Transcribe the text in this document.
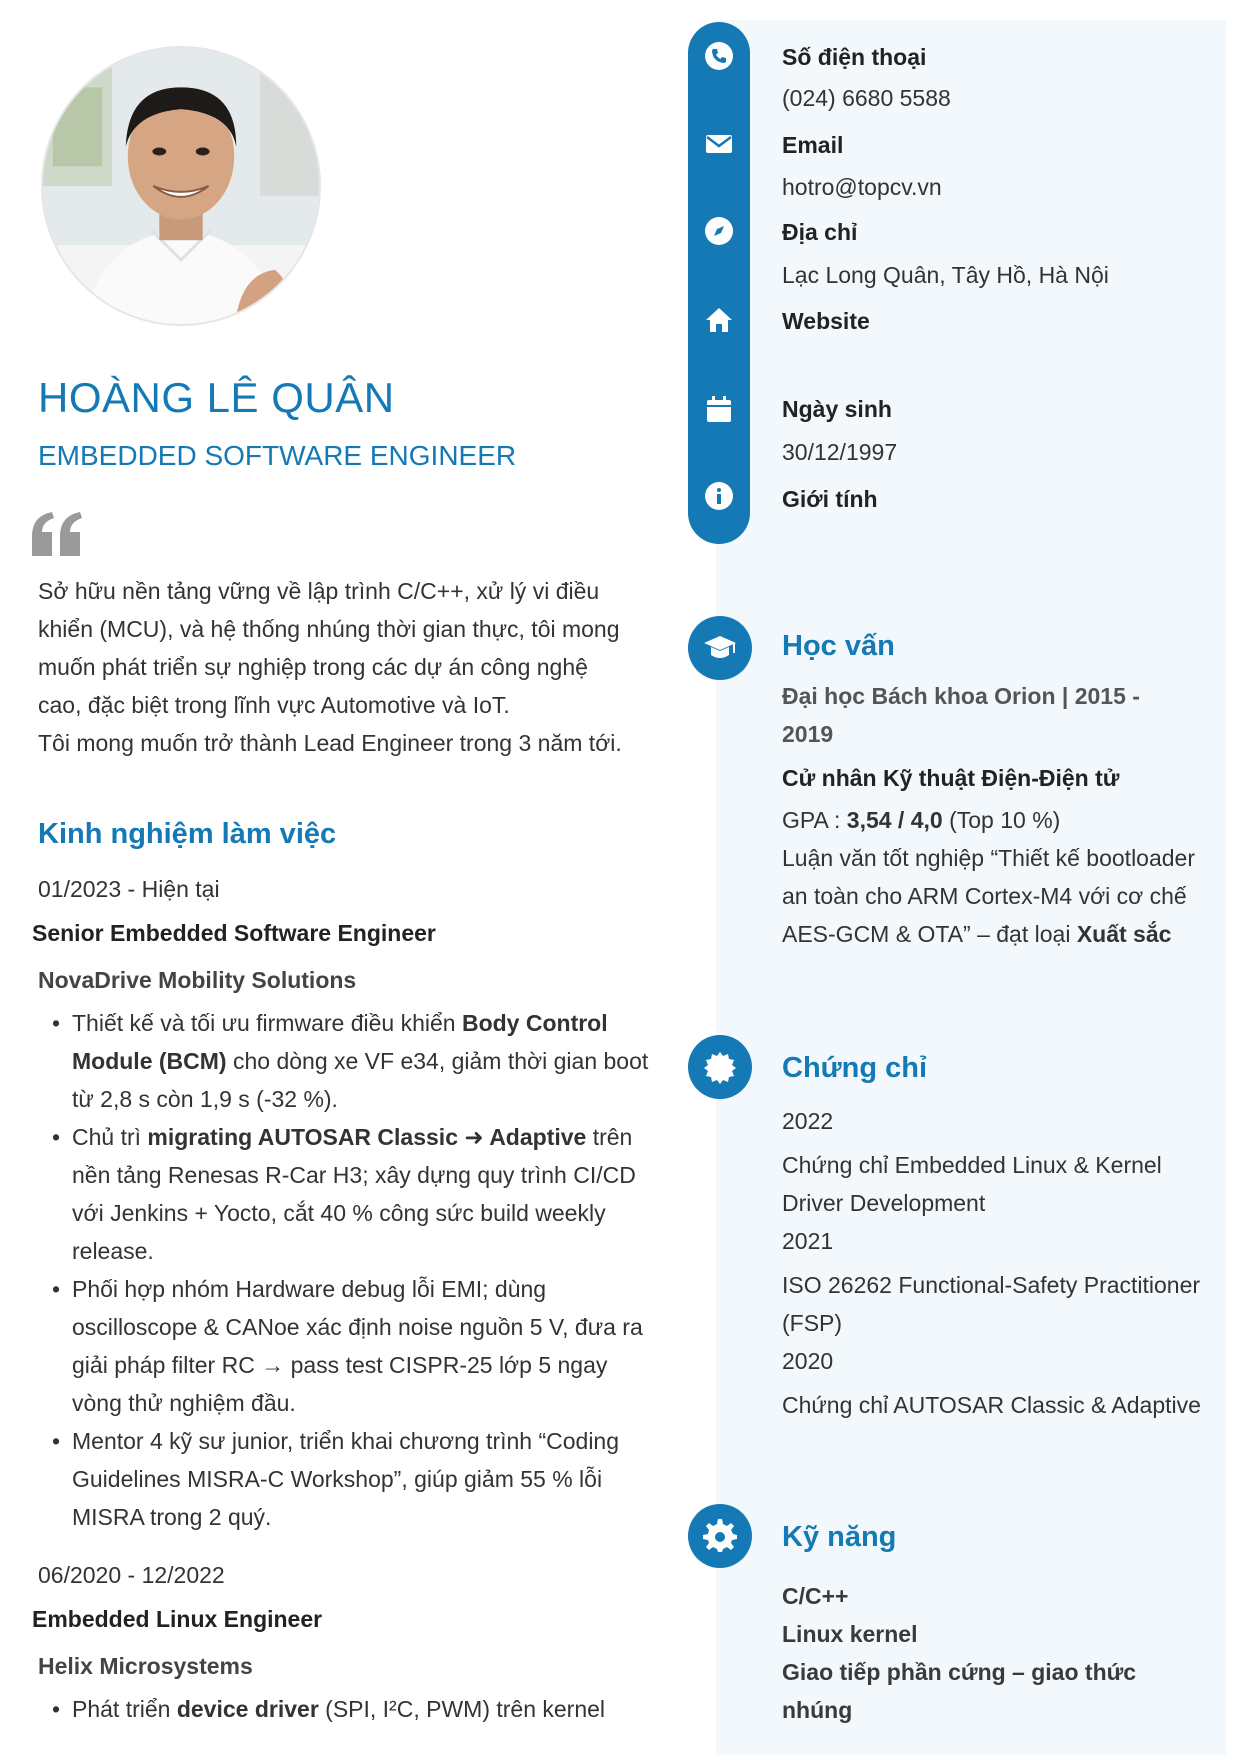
HOÀNG LÊ QUÂN
EMBEDDED SOFTWARE ENGINEER
Sở hữu nền tảng vững về lập trình C/C++, xử lý vi điều
khiển (MCU), và hệ thống nhúng thời gian thực, tôi mong
muốn phát triển sự nghiệp trong các dự án công nghệ
cao, đặc biệt trong lĩnh vực Automotive và IoT.
Tôi mong muốn trở thành Lead Engineer trong 3 năm tới.
Kinh nghiệm làm việc
01/2023 - Hiện tại
Senior Embedded Software Engineer
NovaDrive Mobility Solutions
• Thiết kế và tối ưu firmware điều khiển Body Control Module (BCM) cho dòng xe VF e34, giảm thời gian boot từ 2,8 s còn 1,9 s (-32 %).
• Chủ trì migrating AUTOSAR Classic ➜ Adaptive trên nền tảng Renesas R-Car H3; xây dựng quy trình CI/CD với Jenkins + Yocto, cắt 40 % công sức build weekly release.
• Phối hợp nhóm Hardware debug lỗi EMI; dùng oscilloscope & CANoe xác định noise nguồn 5 V, đưa ra giải pháp filter RC → pass test CISPR-25 lớp 5 ngay vòng thử nghiệm đầu.
• Mentor 4 kỹ sư junior, triển khai chương trình “Coding Guidelines MISRA-C Workshop”, giúp giảm 55 % lỗi MISRA trong 2 quý.
06/2020 - 12/2022
Embedded Linux Engineer
Helix Microsystems
• Phát triển device driver (SPI, I²C, PWM) trên kernel
Số điện thoại
(024) 6680 5588
Email
hotro@topcv.vn
Địa chỉ
Lạc Long Quân, Tây Hồ, Hà Nội
Website
Ngày sinh
30/12/1997
Giới tính
Học vấn
Đại học Bách khoa Orion | 2015 -
2019
Cử nhân Kỹ thuật Điện-Điện tử
GPA : 3,54 / 4,0 (Top 10 %)
Luận văn tốt nghiệp “Thiết kế bootloader an toàn cho ARM Cortex-M4 với cơ chế AES-GCM & OTA” – đạt loại Xuất sắc
Chứng chỉ
2022
Chứng chỉ Embedded Linux & Kernel Driver Development
2021
ISO 26262 Functional-Safety Practitioner (FSP)
2020
Chứng chỉ AUTOSAR Classic & Adaptive
Kỹ năng
C/C++
Linux kernel
Giao tiếp phần cứng – giao thức nhúng
